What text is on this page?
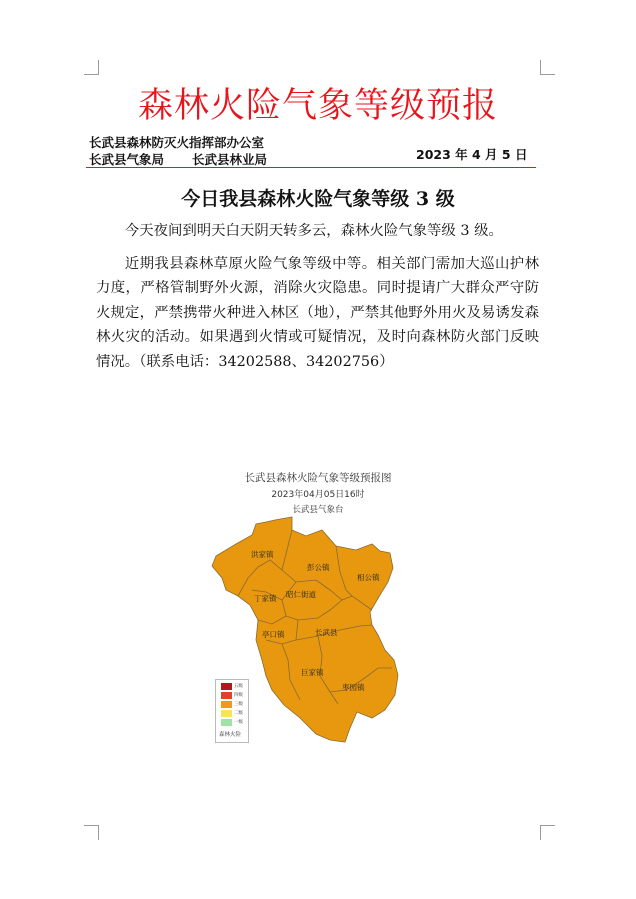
森林火险气象等级预报
长武县森林防灭火指挥部办公室
长武县气象局 长武县林业局	2023 年 4 月 5 日
今日我县森林火险气象等级 3 级

今天夜间到明天白天阴天转多云，森林火险气象等级 3 级。

近期我县森林草原火险气象等级中等。相关部门需加大巡山护林力度，严格管制野外火源，消除火灾隐患。同时提请广大群众严守防火规定，严禁携带火种进入林区（地），严禁其他野外用火及易诱发森林火灾的活动。如果遇到火情或可疑情况，及时向森林防火部门反映情况。（联系电话：34202588、34202756）

长武县森林火险气象等级预报图
2023年04月05日16时
长武县气象台
洪家镇
彭公镇
相公镇
丁家镇 昭仁街道
亭口镇	长武县
巨家镇
枣园镇
五级
四级
三级
二级
一级
森林火险
